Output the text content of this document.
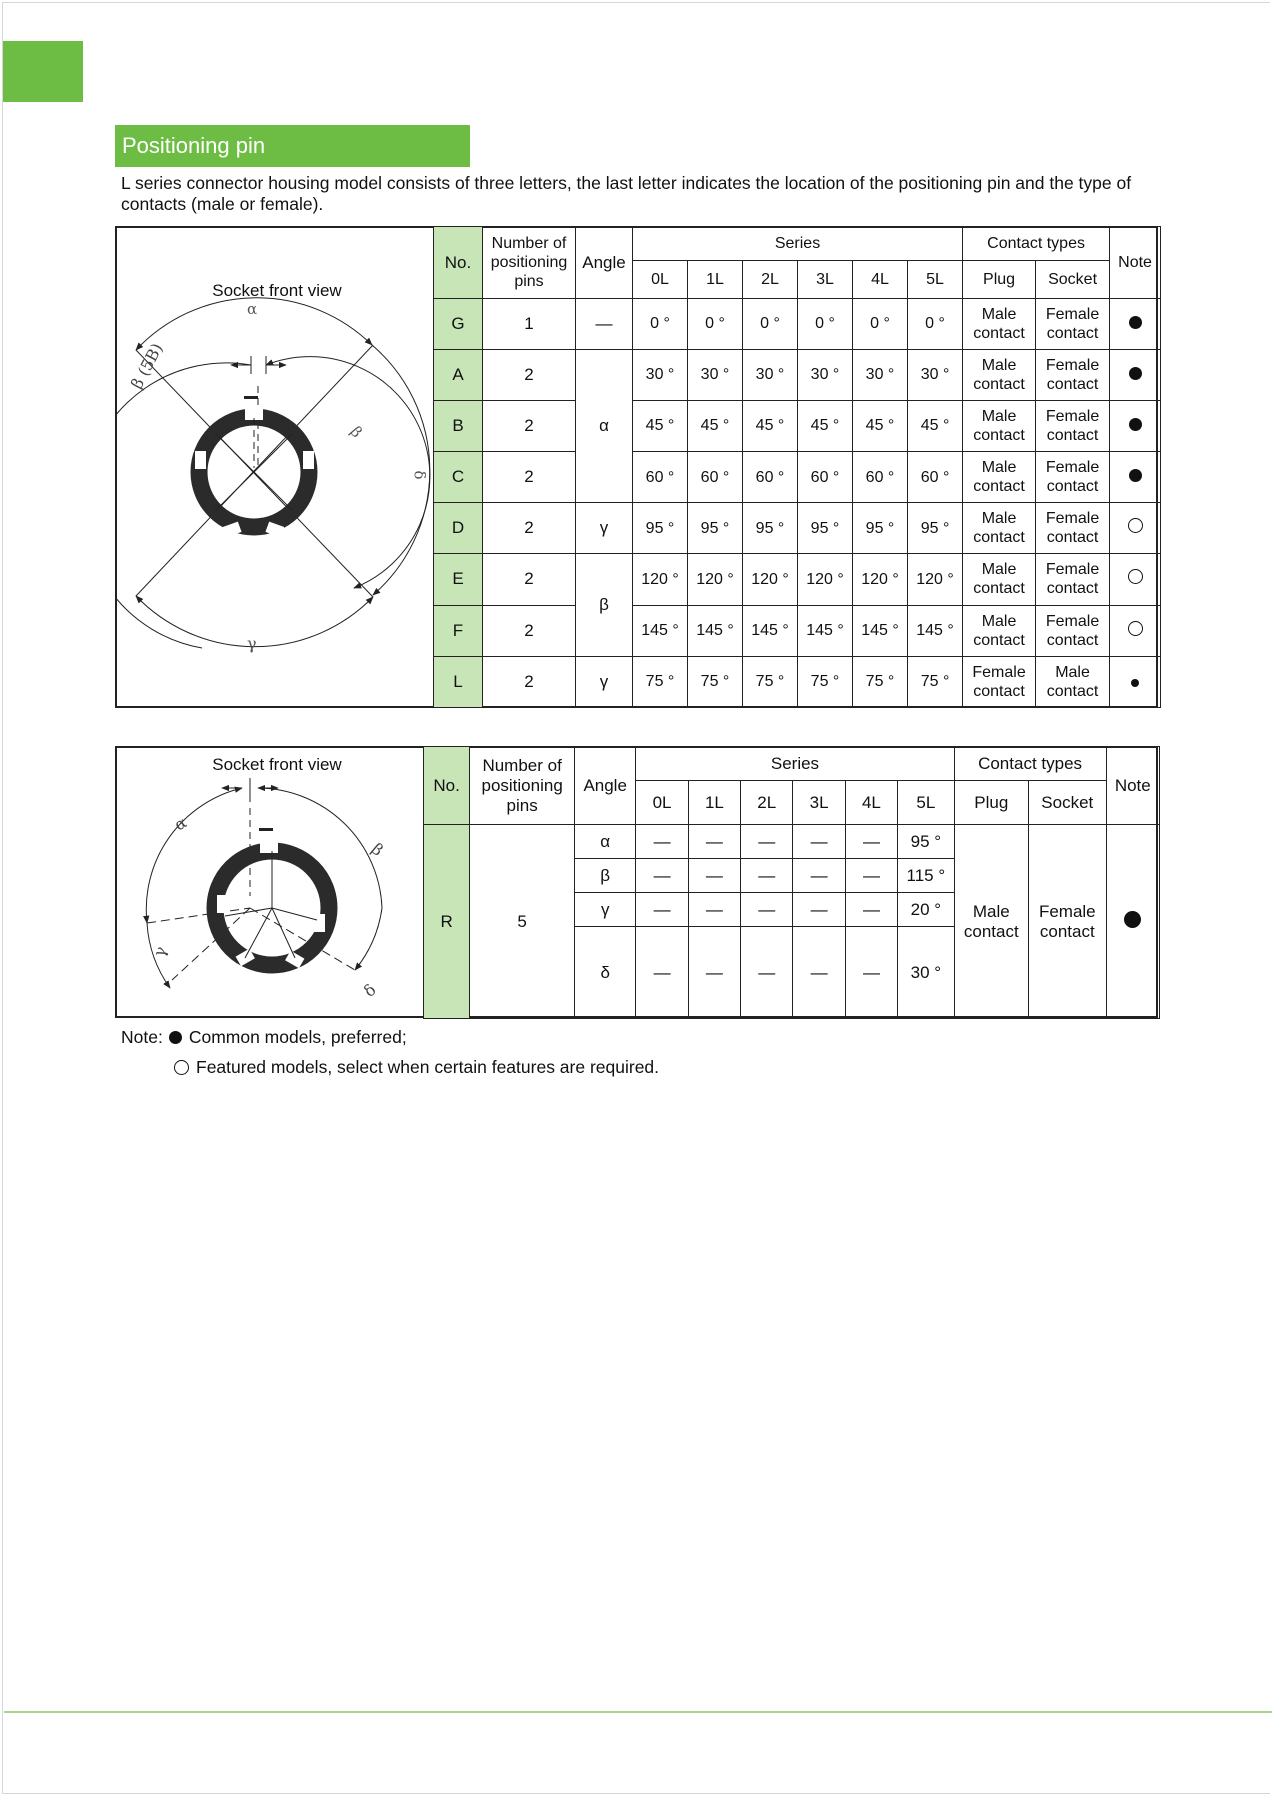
Positioning pin
L series connector housing model consists of three letters, the last letter indicates the location of the positioning pin and the type of contacts (male or female).
Socket front view
α
β (5B)
β
δ
γ
No.	Number of positioning pins	Angle	Series						Contact types		Note
			0L	1L	2L	3L	4L	5L	Plug	Socket	
G	1	—	0 °	0 °	0 °	0 °	0 °	0 °	Male contact	Female contact	
A	2	α	30 °	30 °	30 °	30 °	30 °	30 °	Male contact	Female contact	
B	2		45 °	45 °	45 °	45 °	45 °	45 °	Male contact	Female contact	
C	2		60 °	60 °	60 °	60 °	60 °	60 °	Male contact	Female contact	
D	2	γ	95 °	95 °	95 °	95 °	95 °	95 °	Male contact	Female contact	
E	2	β	120 °	120 °	120 °	120 °	120 °	120 °	Male contact	Female contact	
F	2		145 °	145 °	145 °	145 °	145 °	145 °	Male contact	Female contact	
L	2	γ	75 °	75 °	75 °	75 °	75 °	75 °	Female contact	Male contact	
Socket front view
α
β
γ
δ
No.	Number of positioning pins	Angle	Series						Contact types		Note
			0L	1L	2L	3L	4L	5L	Plug	Socket	
R	5	α	—	—	—	—	—	95 °	Male contact	Female contact	
		β	—	—	—	—	—	115 °			
		γ	—	—	—	—	—	20 °			
		δ	—	—	—	—	—	30 °			
Note: Common models, preferred;
Featured models, select when certain features are required.
